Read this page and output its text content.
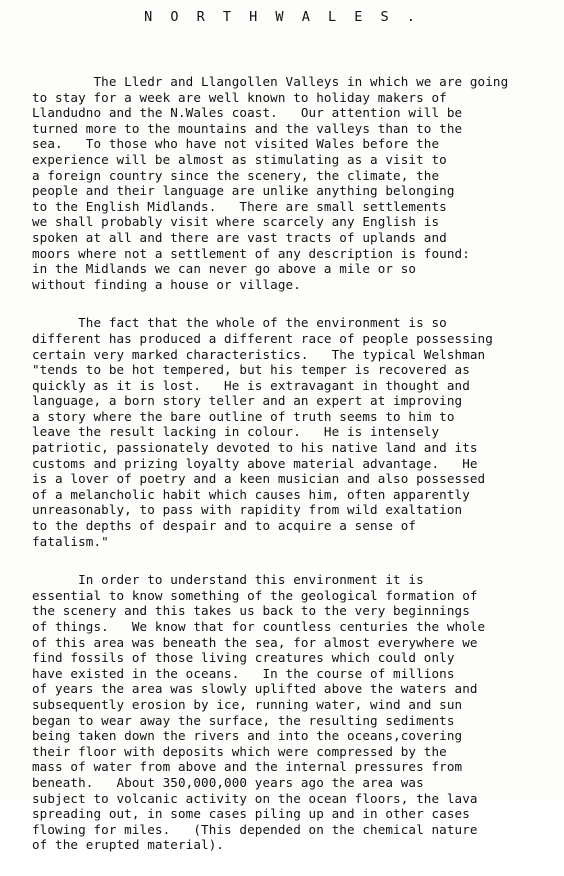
N O R T H W A L E S .
The Lledr and Llangollen Valleys in which we are going
to stay for a week are well known to holiday makers of
Llandudno and the N.Wales coast.   Our attention will be
turned more to the mountains and the valleys than to the
sea.   To those who have not visited Wales before the
experience will be almost as stimulating as a visit to
a foreign country since the scenery, the climate, the
people and their language are unlike anything belonging
to the English Midlands.   There are small settlements
we shall probably visit where scarcely any English is
spoken at all and there are vast tracts of uplands and
moors where not a settlement of any description is found:
in the Midlands we can never go above a mile or so
without finding a house or village.
The fact that the whole of the environment is so
different has produced a different race of people possessing
certain very marked characteristics.   The typical Welshman
"tends to be hot tempered, but his temper is recovered as
quickly as it is lost.   He is extravagant in thought and
language, a born story teller and an expert at improving
a story where the bare outline of truth seems to him to
leave the result lacking in colour.   He is intensely
patriotic, passionately devoted to his native land and its
customs and prizing loyalty above material advantage.   He
is a lover of poetry and a keen musician and also possessed
of a melancholic habit which causes him, often apparently
unreasonably, to pass with rapidity from wild exaltation
to the depths of despair and to acquire a sense of
fatalism."
In order to understand this environment it is
essential to know something of the geological formation of
the scenery and this takes us back to the very beginnings
of things.   We know that for countless centuries the whole
of this area was beneath the sea, for almost everywhere we
find fossils of those living creatures which could only
have existed in the oceans.   In the course of millions
of years the area was slowly uplifted above the waters and
subsequently erosion by ice, running water, wind and sun
began to wear away the surface, the resulting sediments
being taken down the rivers and into the oceans,covering
their floor with deposits which were compressed by the
mass of water from above and the internal pressures from
beneath.   About 350,000,000 years ago the area was
subject to volcanic activity on the ocean floors, the lava
spreading out, in some cases piling up and in other cases
flowing for miles.   (This depended on the chemical nature
of the erupted material).
